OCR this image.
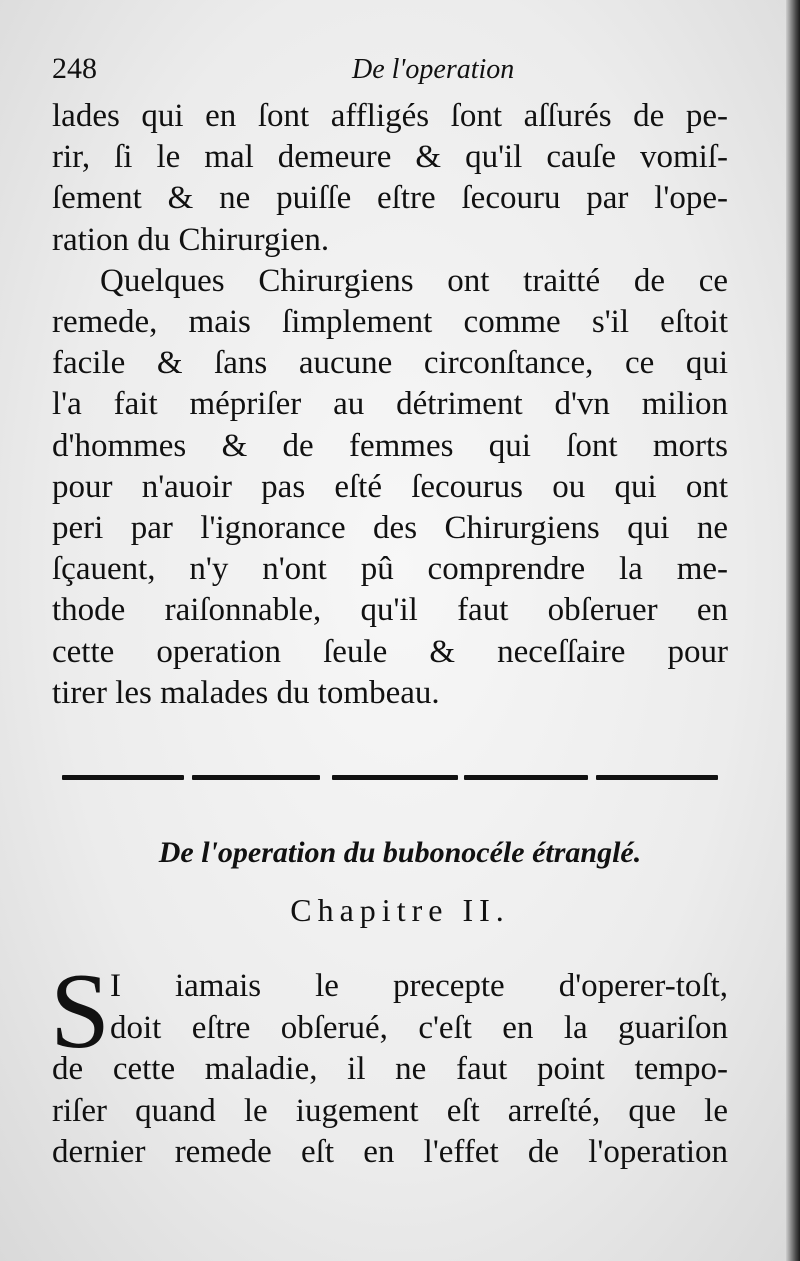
248	De l'operation

lades qui en ſont affligés ſont aſſurés de pe-
rir, ſi le mal demeure & qu'il cauſe vomiſ-
ſement & ne puiſſe eſtre ſecouru par l'ope-
ration du Chirurgien.

Quelques Chirurgiens ont traitté de ce
remede, mais ſimplement comme s'il eſtoit
facile & ſans aucune circonſtance, ce qui
l'a fait mépriſer au détriment d'vn milion
d'hommes & de femmes qui ſont morts
pour n'auoir pas eſté ſecourus ou qui ont
peri par l'ignorance des Chirurgiens qui ne
ſçauent, n'y n'ont pû comprendre la me-
thode raiſonnable, qu'il faut obſeruer en
cette operation ſeule & neceſſaire pour
tirer les malades du tombeau.

De l'operation du bubonocéle étranglé.
Chapitre II.
S I iamais le precepte d'operer-toſt,
doit eſtre obſerué, c'eſt en la guariſon
de cette maladie, il ne faut point tempo-
riſer quand le iugement eſt arreſté, que le
dernier remede eſt en l'effet de l'operation
